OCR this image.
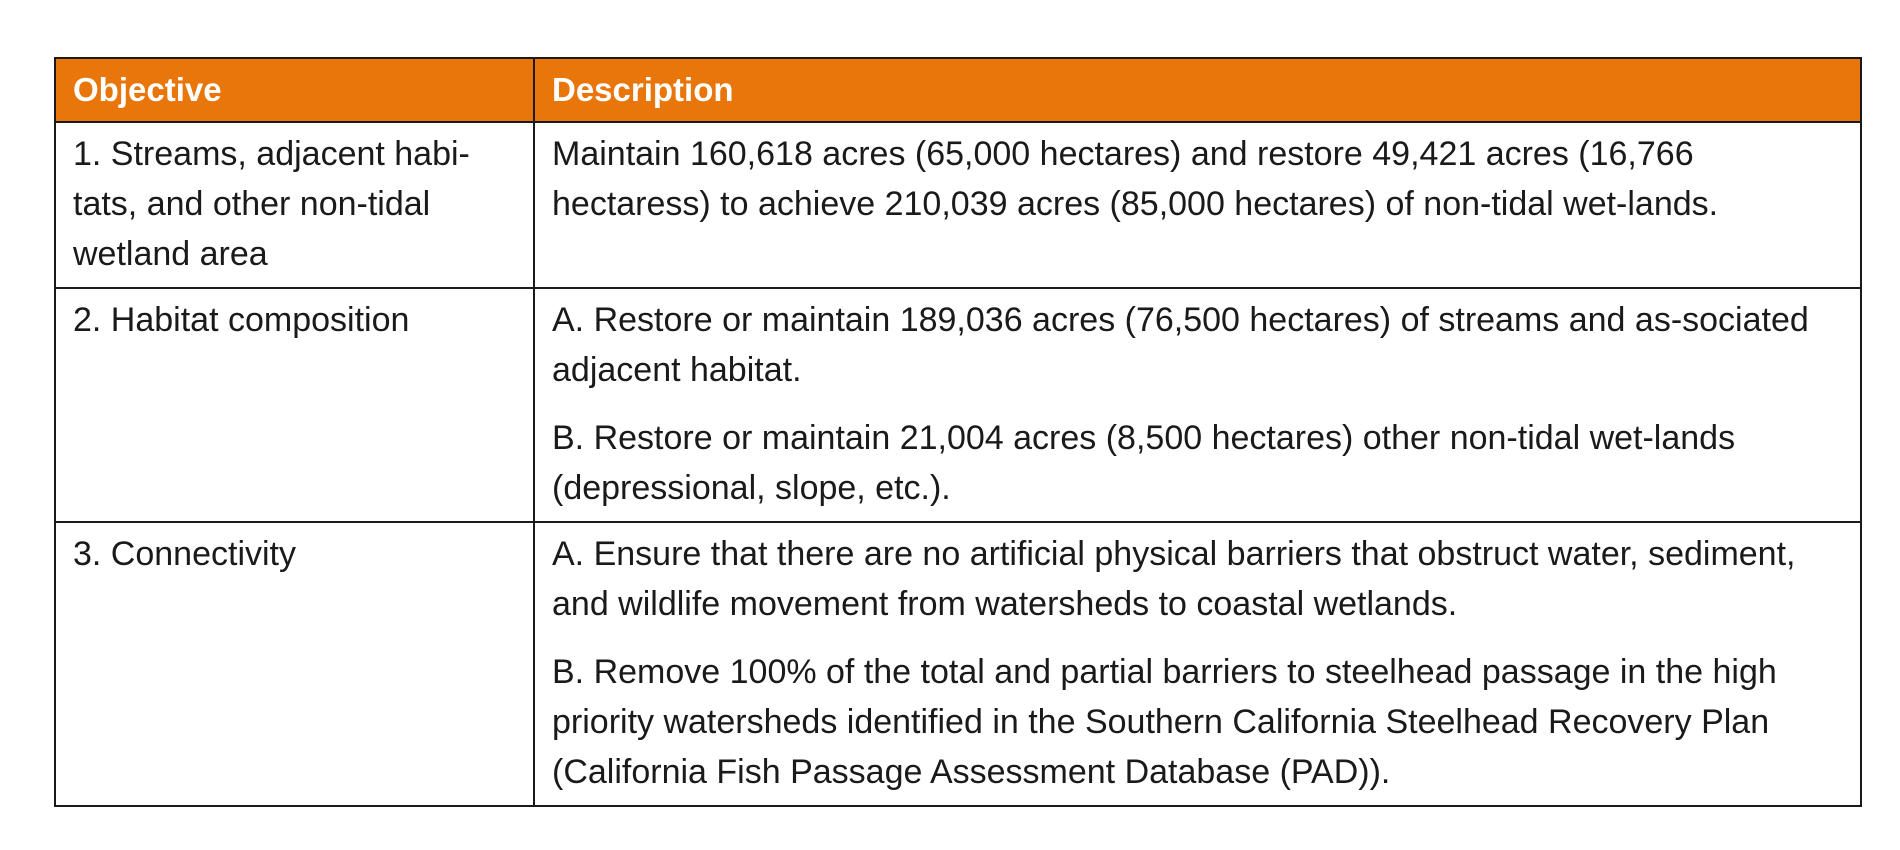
Objective	Description

1. Streams, adjacent habi-tats, and other non-tidal wetland area	Maintain 160,618 acres (65,000 hectares) and restore 49,421 acres (16,766 hectaress) to achieve 210,039 acres (85,000 hectares) of non-tidal wet-lands.

2. Habitat composition	A. Restore or maintain 189,036 acres (76,500 hectares) of streams and as-sociated adjacent habitat.

B. Restore or maintain 21,004 acres (8,500 hectares) other non-tidal wet-lands (depressional, slope, etc.).

3. Connectivity	A. Ensure that there are no artificial physical barriers that obstruct water, sediment, and wildlife movement from watersheds to coastal wetlands.

B. Remove 100% of the total and partial barriers to steelhead passage in the high priority watersheds identified in the Southern California Steelhead Recovery Plan (California Fish Passage Assessment Database (PAD)).
